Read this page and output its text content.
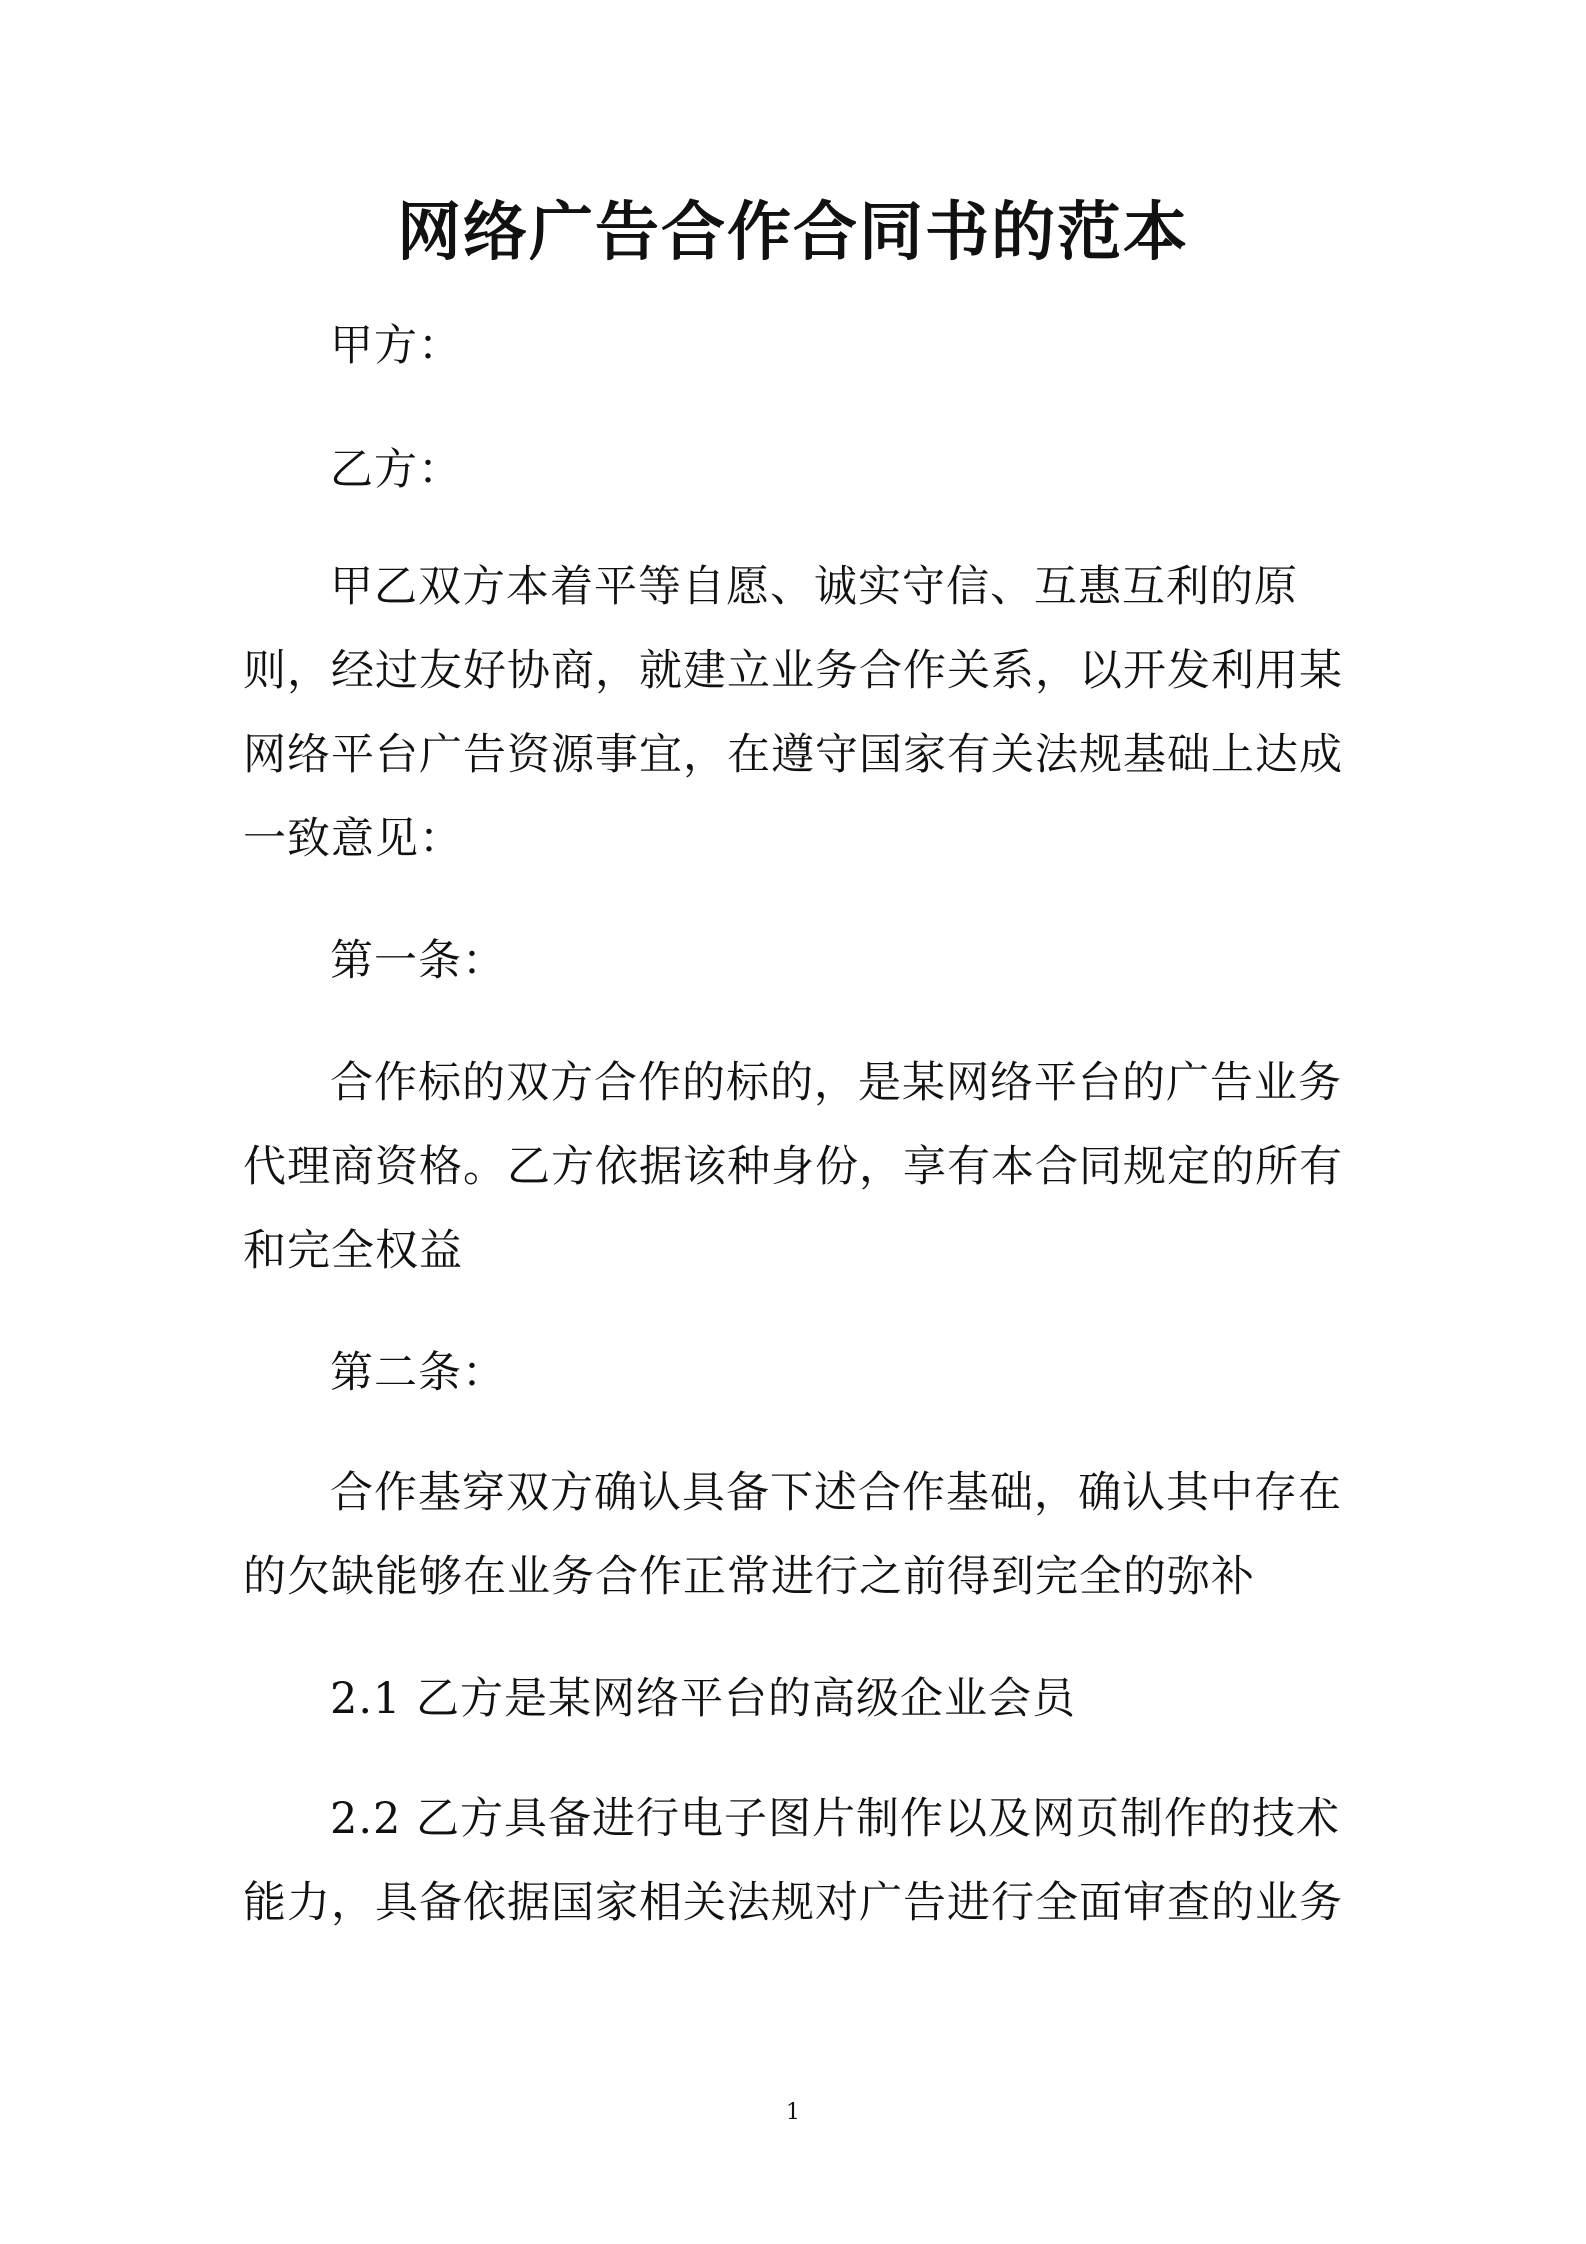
网络广告合作合同书的范本
甲方：
乙方：
甲乙双方本着平等自愿、诚实守信、互惠互利的原
则，经过友好协商，就建立业务合作关系，以开发利用某
网络平台广告资源事宜，在遵守国家有关法规基础上达成
一致意见：
第一条：
合作标的双方合作的标的，是某网络平台的广告业务
代理商资格。乙方依据该种身份，享有本合同规定的所有
和完全权益
第二条：
合作基穿双方确认具备下述合作基础，确认其中存在
的欠缺能够在业务合作正常进行之前得到完全的弥补
2.1 乙方是某网络平台的高级企业会员
2.2 乙方具备进行电子图片制作以及网页制作的技术
能力，具备依据国家相关法规对广告进行全面审查的业务
1
